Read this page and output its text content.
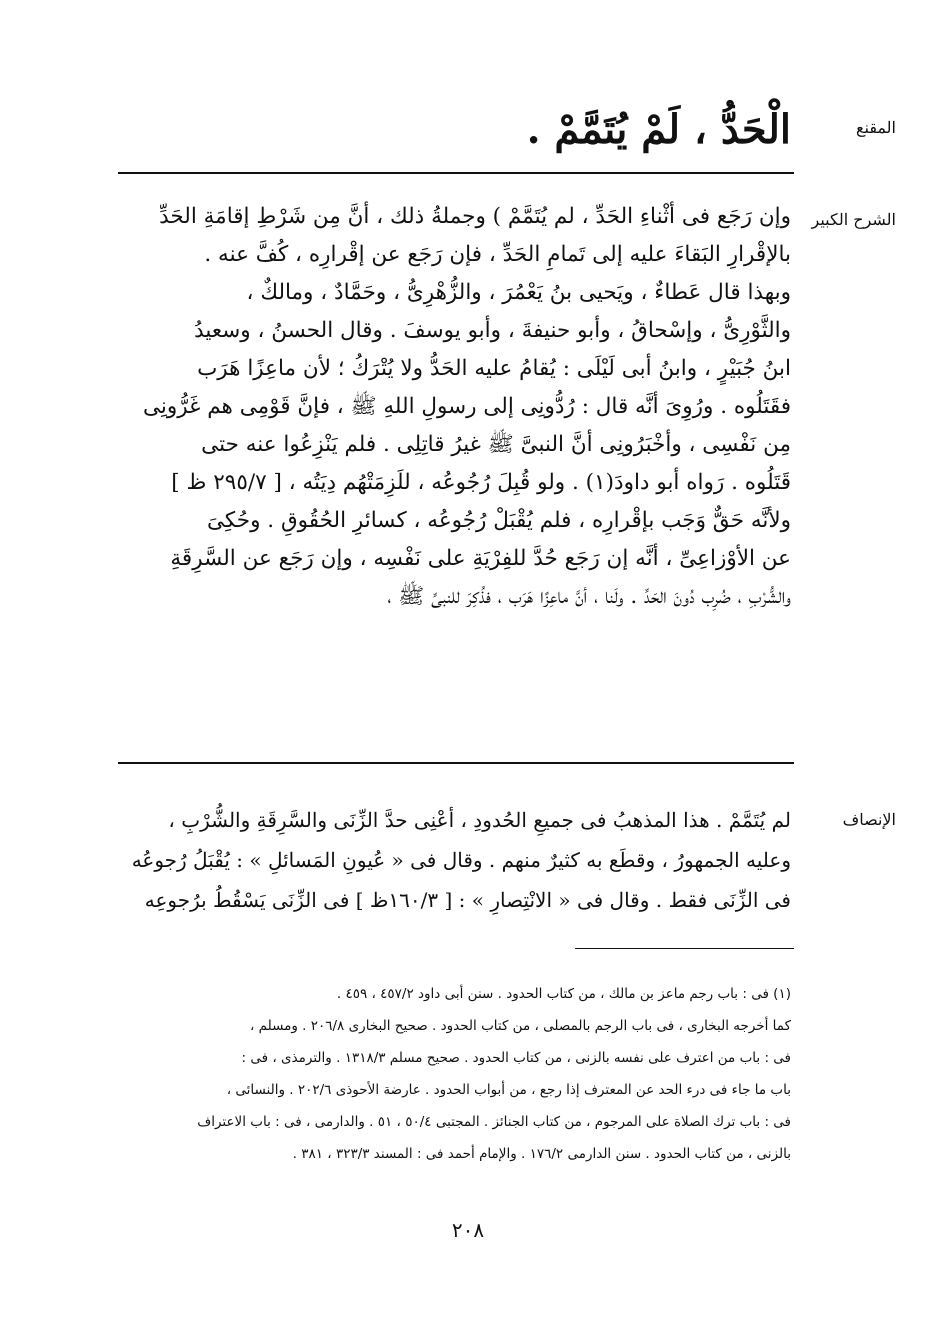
المقنع
الْحَدُّ ، لَمْ يُتَمَّمْ .
الشرح الكبير
وإن رَجَع فى أثْناءِ الحَدِّ ، لم يُتَمَّمْ ) وجملةُ ذلك ، أنَّ مِن شَرْطِ إقامَةِ الحَدِّ
بالإقْرارِ البَقاءَ عليه إلى تَمامِ الحَدِّ ، فإن رَجَع عن إقْرارِه ، كُفَّ عنه .
وبهذا قال عَطاءٌ ، ويَحيى بنُ يَعْمُرَ ، والزُّهْرِىُّ ، وحَمَّادٌ ، ومالكٌ ،
والثَّوْرِىُّ ، وإسْحاقُ ، وأبو حنيفةَ ، وأبو يوسفَ . وقال الحسنُ ، وسعيدُ
ابنُ جُبَيْرٍ ، وابنُ أبى لَيْلَى : يُقامُ عليه الحَدُّ ولا يُتْرَكُ ؛ لأن ماعِزًا هَرَب
فقَتَلُوه . ورُوِىَ أنَّه قال : رُدُّونِى إلى رسولِ اللهِ ﷺ ، فإنَّ قَوْمِى هم غَرُّونِى
مِن نَفْسِى ، وأخْبَرُونِى أنَّ النبىَّ ﷺ غيرُ قاتِلِى . فلم يَنْزِعُوا عنه حتى
قَتَلُوه . رَواه أبو داودَ(١) . ولو قُبِلَ رُجُوعُه ، للَزِمَتْهُم دِيَتُه ، [ ٢٩٥/٧ ظ ]
ولأنَّه حَقٌّ وَجَب بإقْرارِه ، فلم يُقْبَلْ رُجُوعُه ، كسائرِ الحُقُوقِ . وحُكِىَ
عن الأوْزاعِىِّ ، أنَّه إن رَجَع حُدَّ للفِرْيَةِ على نَفْسِه ، وإن رَجَع عن السَّرِقَةِ
والشُّرْبِ ، ضُرِب دُونَ الحَدِّ . ولَنا ، أنَّ ماعِزًا هَرَب ، فذُكِرَ للنبىِّ ﷺ ،
الإنصاف
لم يُتَمَّمْ . هذا المذهبُ فى جميعِ الحُدودِ ، أعْنِى حدَّ الزِّنَى والسَّرِقَةِ والشُّرْبِ ،
وعليه الجمهورُ ، وقطَع به كثيرٌ منهم . وقال فى « عُيونِ المَسائلِ » : يُقْبَلُ رُجوعُه
فى الزِّنَى فقط . وقال فى « الانْتِصارِ » : [ ١٦٠/٣ظ ] فى الزِّنَى يَسْقُطُ برُجوعِه
(١) فى : باب رجم ماعز بن مالك ، من كتاب الحدود . سنن أبى داود ٤٥٧/٢ ، ٤٥٩ .
كما أخرجه البخارى ، فى باب الرجم بالمصلى ، من كتاب الحدود . صحيح البخارى ٢٠٦/٨ . ومسلم ،
فى : باب من اعترف على نفسه بالزنى ، من كتاب الحدود . صحيح مسلم ١٣١٨/٣ . والترمذى ، فى :
باب ما جاء فى درء الحد عن المعترف إذا رجع ، من أبواب الحدود . عارضة الأحوذى ٢٠٢/٦ . والنسائى ،
فى : باب ترك الصلاة على المرجوم ، من كتاب الجنائز . المجتبى ٥٠/٤ ، ٥١ . والدارمى ، فى : باب الاعتراف
بالزنى ، من كتاب الحدود . سنن الدارمى ١٧٦/٢ . والإمام أحمد فى : المسند ٣٢٣/٣ ، ٣٨١ .
٢٠٨
